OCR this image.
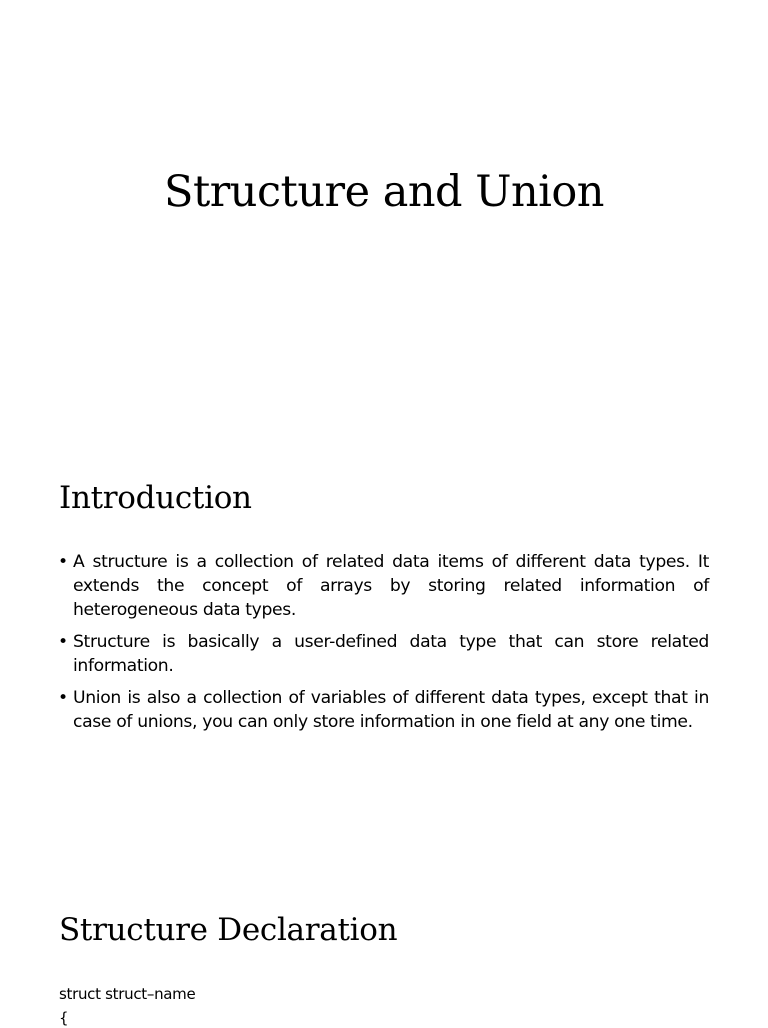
Structure and Union
Introduction
• A structure is a collection of related data items of different data types. It extends the concept of arrays by storing related information of heterogeneous data types.
• Structure is basically a user-defined data type that can store related information.
• Union is also a collection of variables of different data types, except that in case of unions, you can only store information in one field at any one time.
Structure Declaration

struct struct–name

{
